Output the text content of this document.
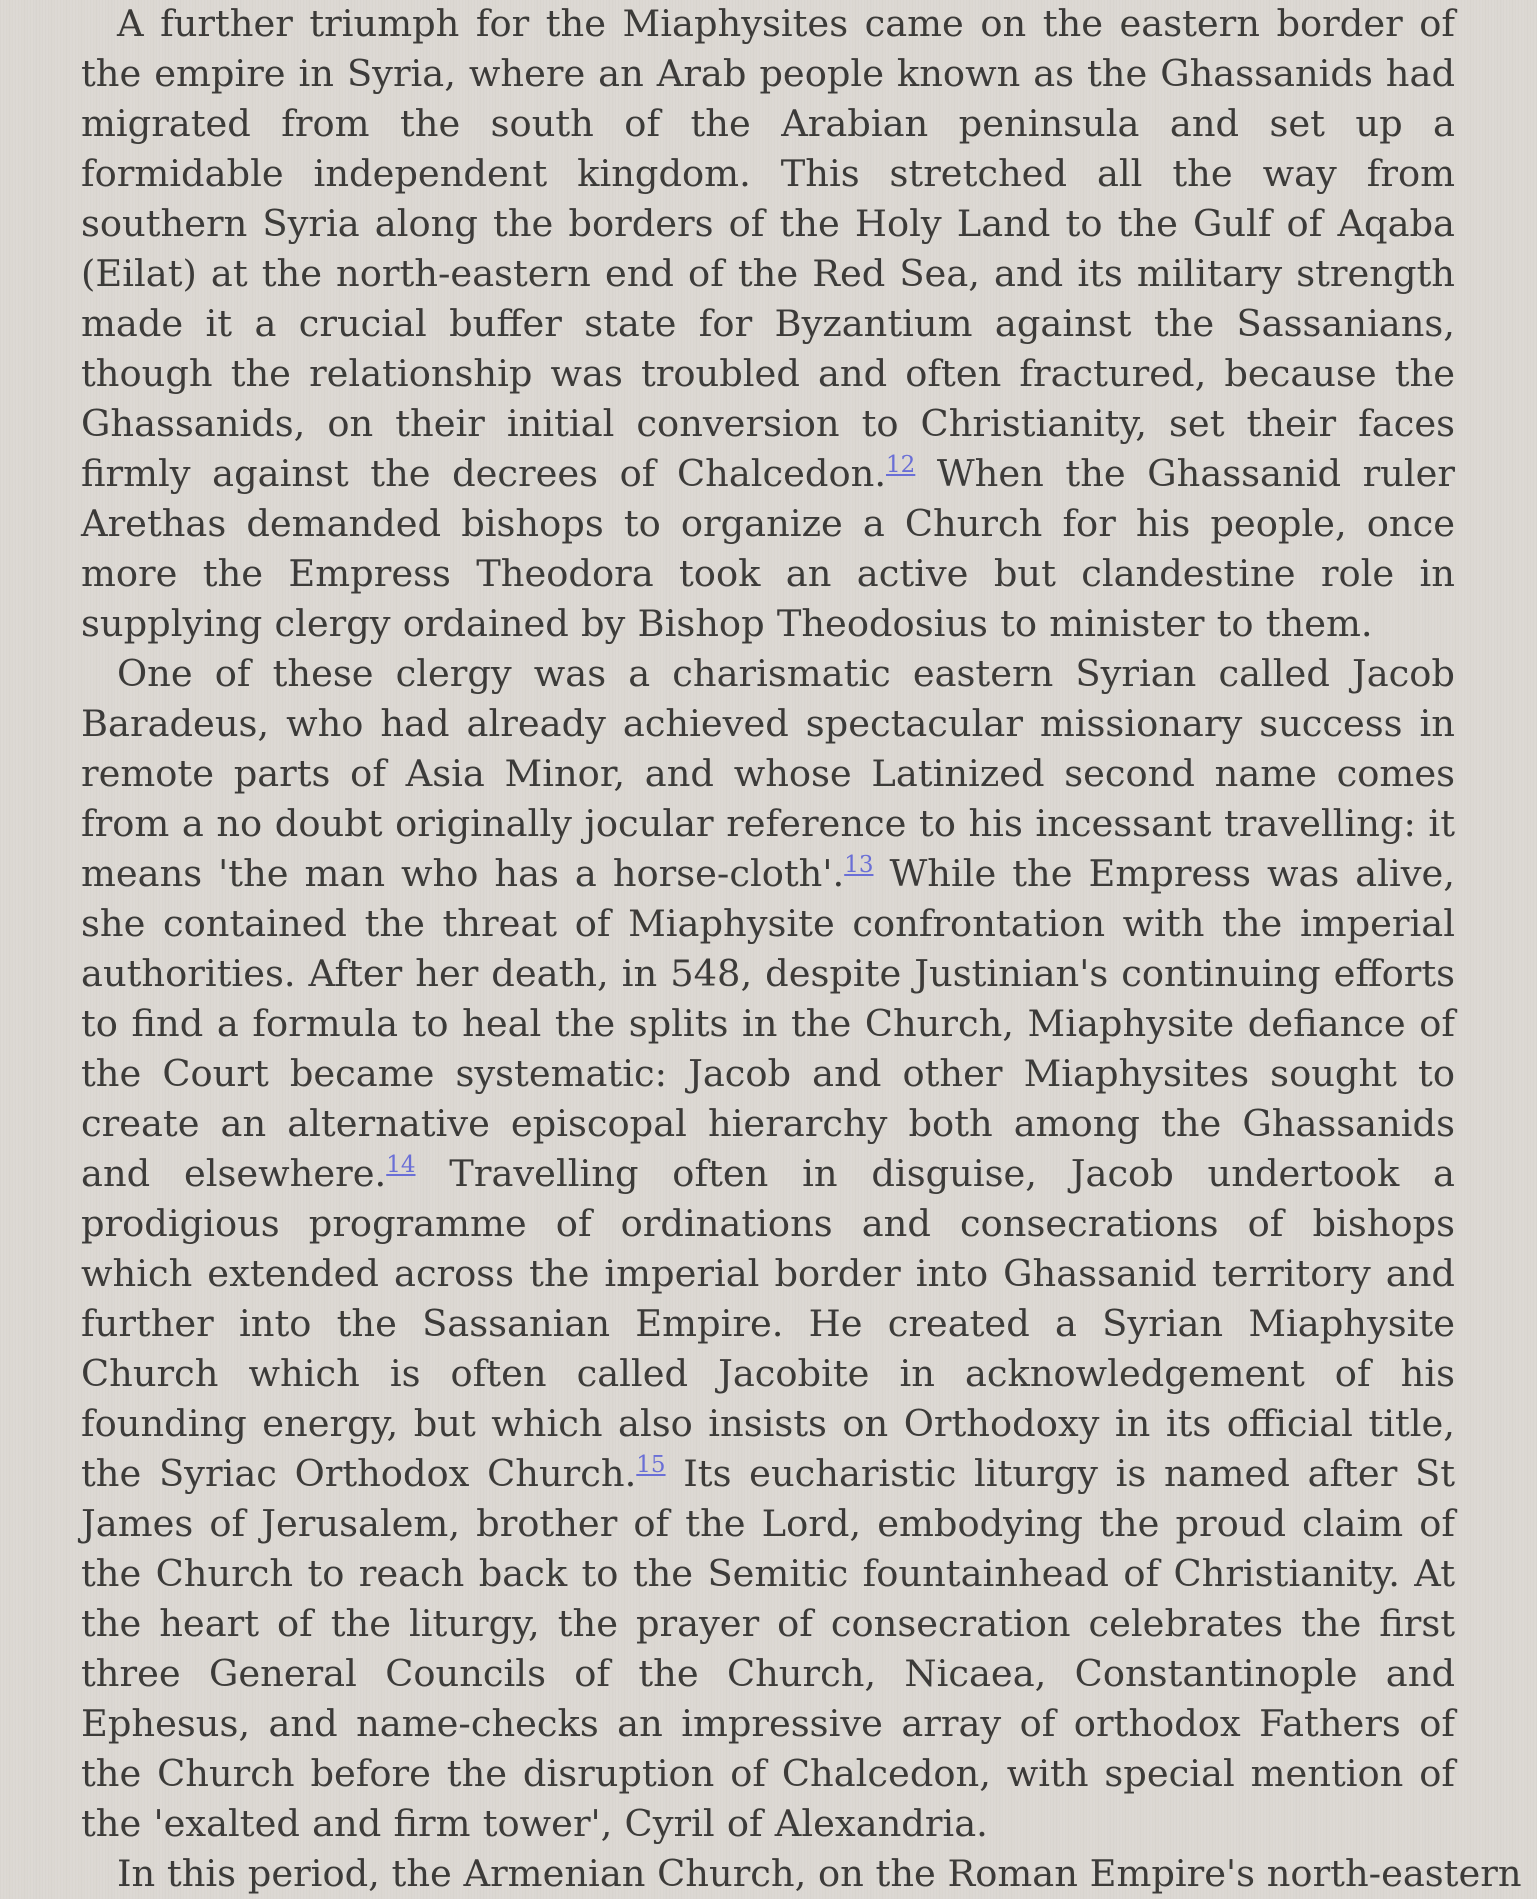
A further triumph for the Miaphysites came on the eastern border of the empire in Syria, where an Arab people known as the Ghassanids had migrated from the south of the Arabian peninsula and set up a formidable independent kingdom. This stretched all the way from southern Syria along the borders of the Holy Land to the Gulf of Aqaba (Eilat) at the north-eastern end of the Red Sea, and its military strength made it a crucial buffer state for Byzantium against the Sassanians, though the relationship was troubled and often fractured, because the Ghassanids, on their initial conversion to Christianity, set their faces firmly against the decrees of Chalcedon.$^{12}$ When the Ghassanid ruler Arethas demanded bishops to organize a Church for his people, once more the Empress Theodora took an active but clandestine role in supplying clergy ordained by Bishop Theodosius to minister to them.

One of these clergy was a charismatic eastern Syrian called Jacob Baradeus, who had already achieved spectacular missionary success in remote parts of Asia Minor, and whose Latinized second name comes from a no doubt originally jocular reference to his incessant travelling: it means 'the man who has a horse-cloth'.$^{13}$ While the Empress was alive, she contained the threat of Miaphysite confrontation with the imperial authorities. After her death, in 548, despite Justinian's continuing efforts to find a formula to heal the splits in the Church, Miaphysite defiance of the Court became systematic: Jacob and other Miaphysites sought to create an alternative episcopal hierarchy both among the Ghassanids and elsewhere.$^{14}$ Travelling often in disguise, Jacob undertook a prodigious programme of ordinations and consecrations of bishops which extended across the imperial border into Ghassanid territory and further into the Sassanian Empire. He created a Syrian Miaphysite Church which is often called Jacobite in acknowledgement of his founding energy, but which also insists on Orthodoxy in its official title, the Syriac Orthodox Church.$^{15}$ Its eucharistic liturgy is named after St James of Jerusalem, brother of the Lord, embodying the proud claim of the Church to reach back to the Semitic fountainhead of Christianity. At the heart of the liturgy, the prayer of consecration celebrates the first three General Councils of the Church, Nicaea, Constantinople and Ephesus, and name-checks an impressive array of orthodox Fathers of the Church before the disruption of Chalcedon, with special mention of the 'exalted and firm tower', Cyril of Alexandria.

In this period, the Armenian Church, on the Roman Empire's north-eastern
